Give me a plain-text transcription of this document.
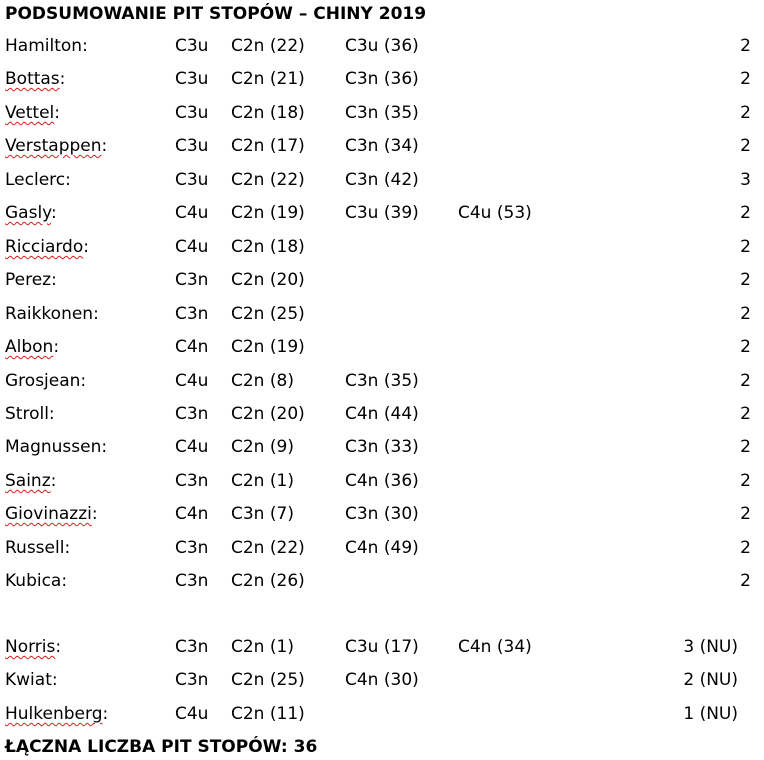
PODSUMOWANIE PIT STOPÓW – CHINY 2019
Hamilton:	C3u C2n (22) C3u (36)	2
Bottas:	C3u C2n (21) C3n (36)	2
Vettel:	C3u C2n (18) C3n (35)	2
Verstappen:	C3u C2n (17) C3n (34)	2
Leclerc:	C3u C2n (22) C3n (42)	3
Gasly:	C4u C2n (19) C3u (39) C4u (53)	2
Ricciardo:	C4u C2n (18)	2
Perez:	C3n C2n (20)	2
Raikkonen:	C3n C2n (25)	2
Albon:	C4n C2n (19)	2
Grosjean:	C4u C2n (8)	C3n (35)	2
Stroll:	C3n C2n (20) C4n (44)	2
Magnussen:	C4u C2n (9)	C3n (33)	2
Sainz:	C3n C2n (1)	C4n (36)	2
Giovinazzi:	C4n C3n (7)	C3n (30)	2
Russell:	C3n C2n (22) C4n (49)	2
Kubica:	C3n C2n (26)	2
Norris:	C3n C2n (1)	C3u (17) C4n (34)	3 (NU)
Kwiat:	C3n C2n (25) C4n (30)	2 (NU)
Hulkenberg:	C4u C2n (11)	1 (NU)
ŁĄCZNA LICZBA PIT STOPÓW: 36
